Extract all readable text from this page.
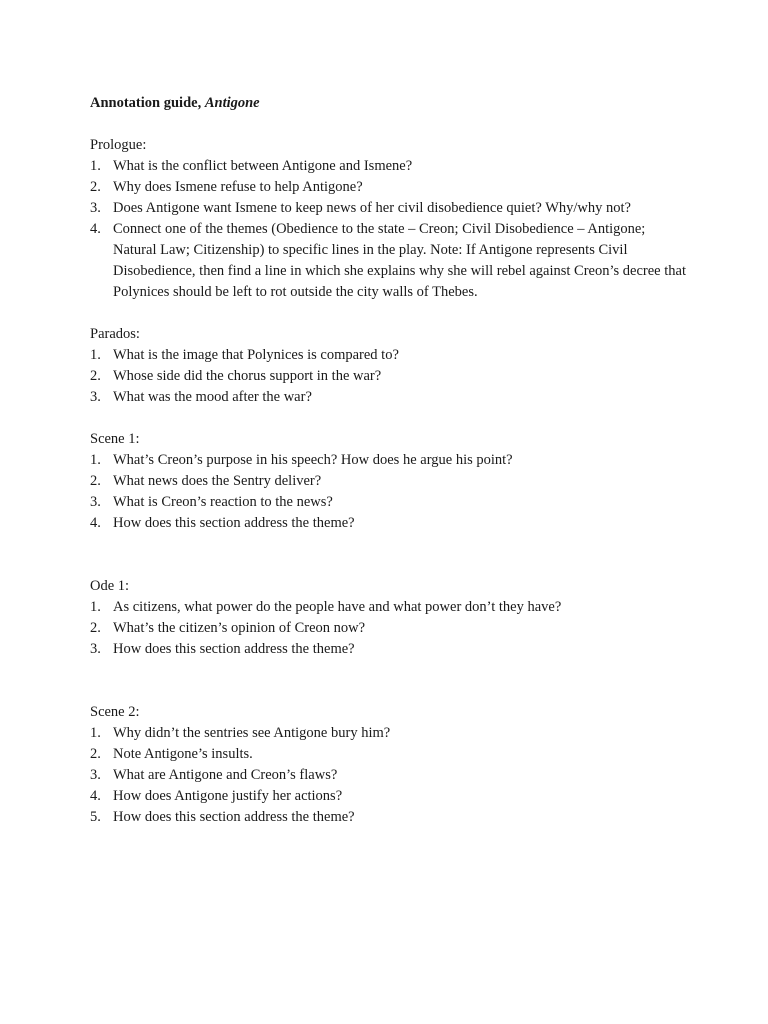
Annotation guide, Antigone
Prologue:
1. What is the conflict between Antigone and Ismene?
2. Why does Ismene refuse to help Antigone?
3. Does Antigone want Ismene to keep news of her civil disobedience quiet? Why/why not?
4. Connect one of the themes (Obedience to the state – Creon; Civil Disobedience – Antigone; Natural Law; Citizenship) to specific lines in the play. Note: If Antigone represents Civil Disobedience, then find a line in which she explains why she will rebel against Creon’s decree that Polynices should be left to rot outside the city walls of Thebes.
Parados:
1. What is the image that Polynices is compared to?
2. Whose side did the chorus support in the war?
3. What was the mood after the war?
Scene 1:
1. What’s Creon’s purpose in his speech? How does he argue his point?
2. What news does the Sentry deliver?
3. What is Creon’s reaction to the news?
4. How does this section address the theme?
Ode 1:
1. As citizens, what power do the people have and what power don’t they have?
2. What’s the citizen’s opinion of Creon now?
3. How does this section address the theme?
Scene 2:
1. Why didn’t the sentries see Antigone bury him?
2. Note Antigone’s insults.
3. What are Antigone and Creon’s flaws?
4. How does Antigone justify her actions?
5. How does this section address the theme?
